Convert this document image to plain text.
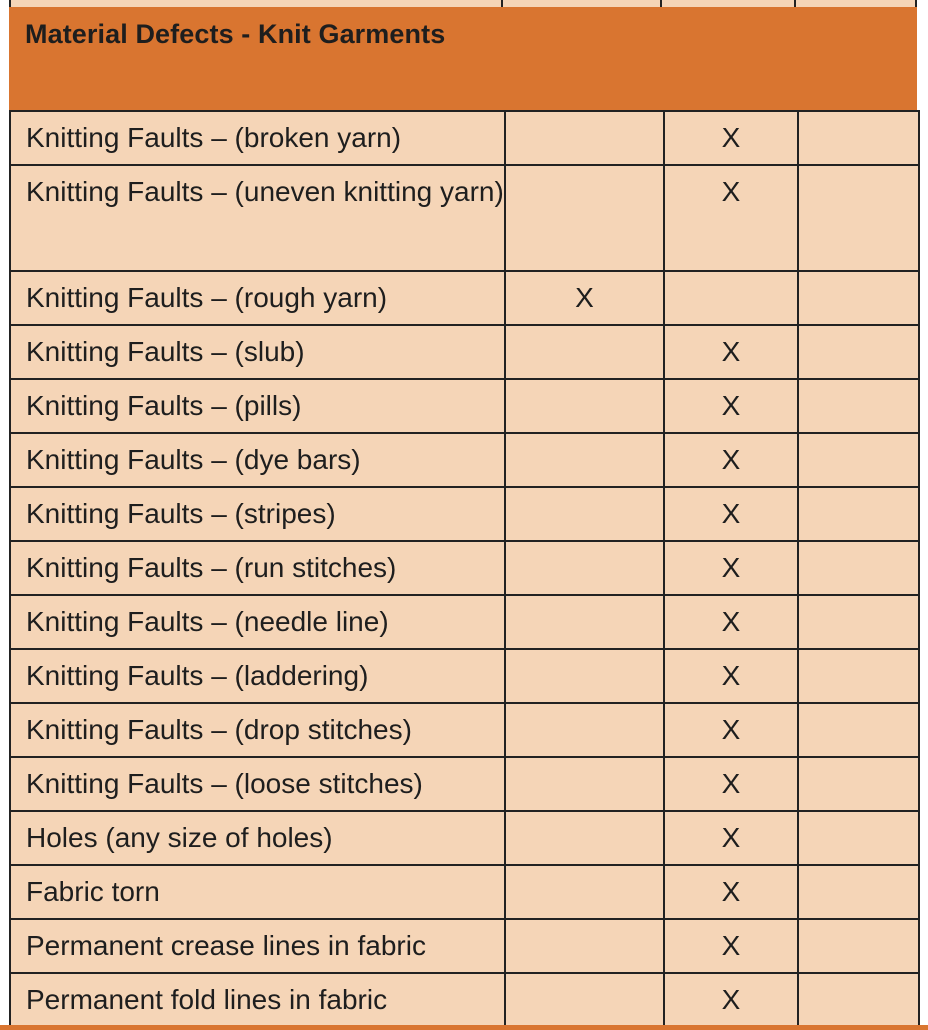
Material Defects - Knit Garments
Knitting Faults – (broken yarn)		X	
Knitting Faults – (uneven knitting yarn)		X	
Knitting Faults – (rough yarn)	X		
Knitting Faults – (slub)		X	
Knitting Faults – (pills)		X	
Knitting Faults – (dye bars)		X	
Knitting Faults – (stripes)		X	
Knitting Faults – (run stitches)		X	
Knitting Faults – (needle line)		X	
Knitting Faults – (laddering)		X	
Knitting Faults – (drop stitches)		X	
Knitting Faults – (loose stitches)		X	
Holes (any size of holes)		X	
Fabric torn		X	
Permanent crease lines in fabric		X	
Permanent fold lines in fabric		X	
